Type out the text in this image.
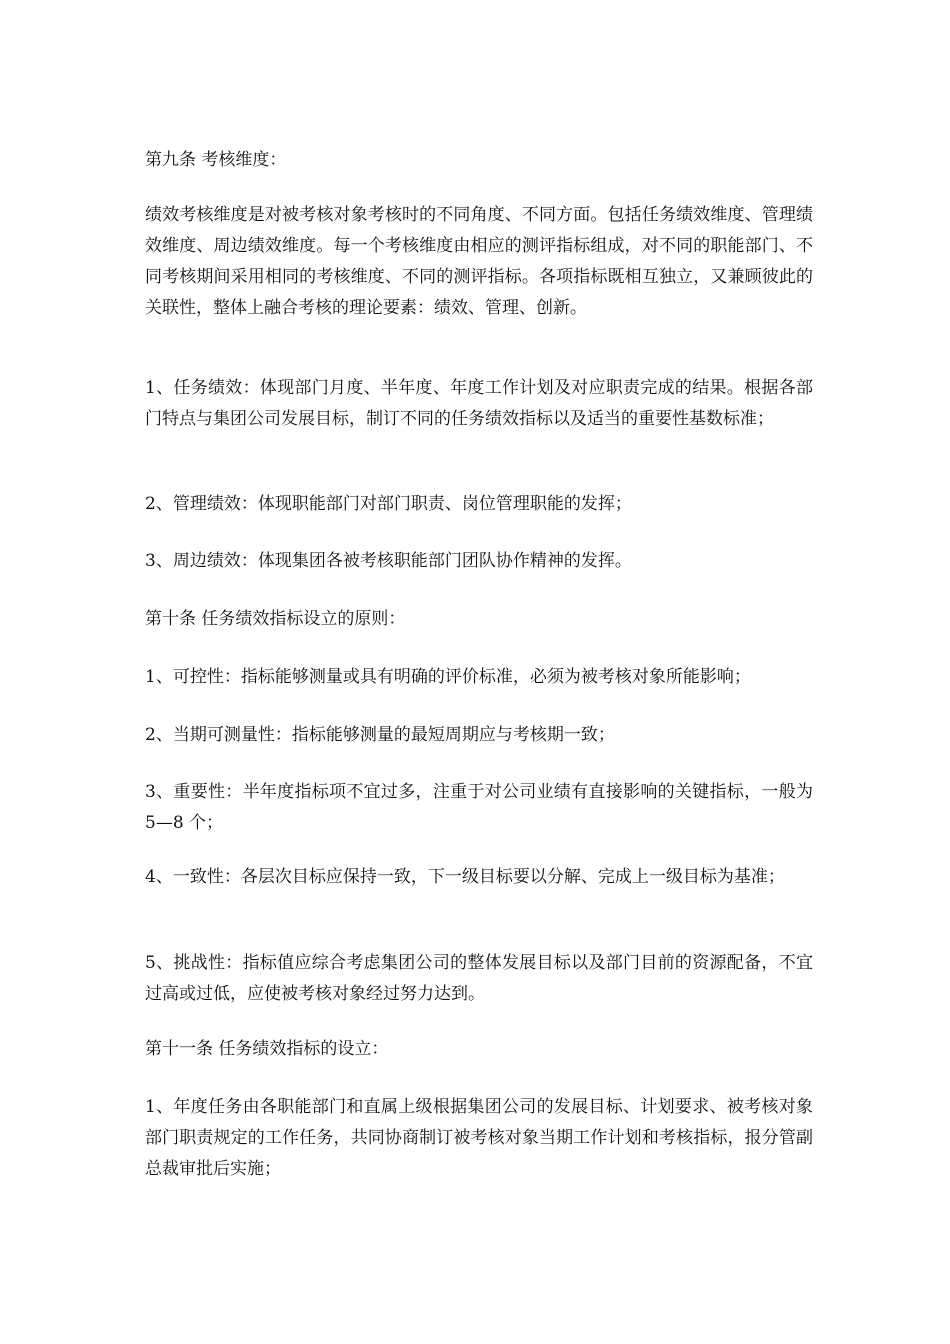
第九条 考核维度：

绩效考核维度是对被考核对象考核时的不同角度、不同方面。包括任务绩效维度、管理绩效维度、周边绩效维度。每一个考核维度由相应的测评指标组成，对不同的职能部门、不同考核期间采用相同的考核维度、不同的测评指标。各项指标既相互独立，又兼顾彼此的关联性，整体上融合考核的理论要素：绩效、管理、创新。

1、任务绩效：体现部门月度、半年度、年度工作计划及对应职责完成的结果。根据各部门特点与集团公司发展目标，制订不同的任务绩效指标以及适当的重要性基数标准；

2、管理绩效：体现职能部门对部门职责、岗位管理职能的发挥；

3、周边绩效：体现集团各被考核职能部门团队协作精神的发挥。

第十条 任务绩效指标设立的原则：

1、可控性：指标能够测量或具有明确的评价标准，必须为被考核对象所能影响；

2、当期可测量性：指标能够测量的最短周期应与考核期一致；

3、重要性：半年度指标项不宜过多，注重于对公司业绩有直接影响的关键指标，一般为 5—8 个；

4、一致性：各层次目标应保持一致，下一级目标要以分解、完成上一级目标为基准；

5、挑战性：指标值应综合考虑集团公司的整体发展目标以及部门目前的资源配备，不宜过高或过低，应使被考核对象经过努力达到。

第十一条 任务绩效指标的设立：

1、年度任务由各职能部门和直属上级根据集团公司的发展目标、计划要求、被考核对象部门职责规定的工作任务，共同协商制订被考核对象当期工作计划和考核指标，报分管副总裁审批后实施；
